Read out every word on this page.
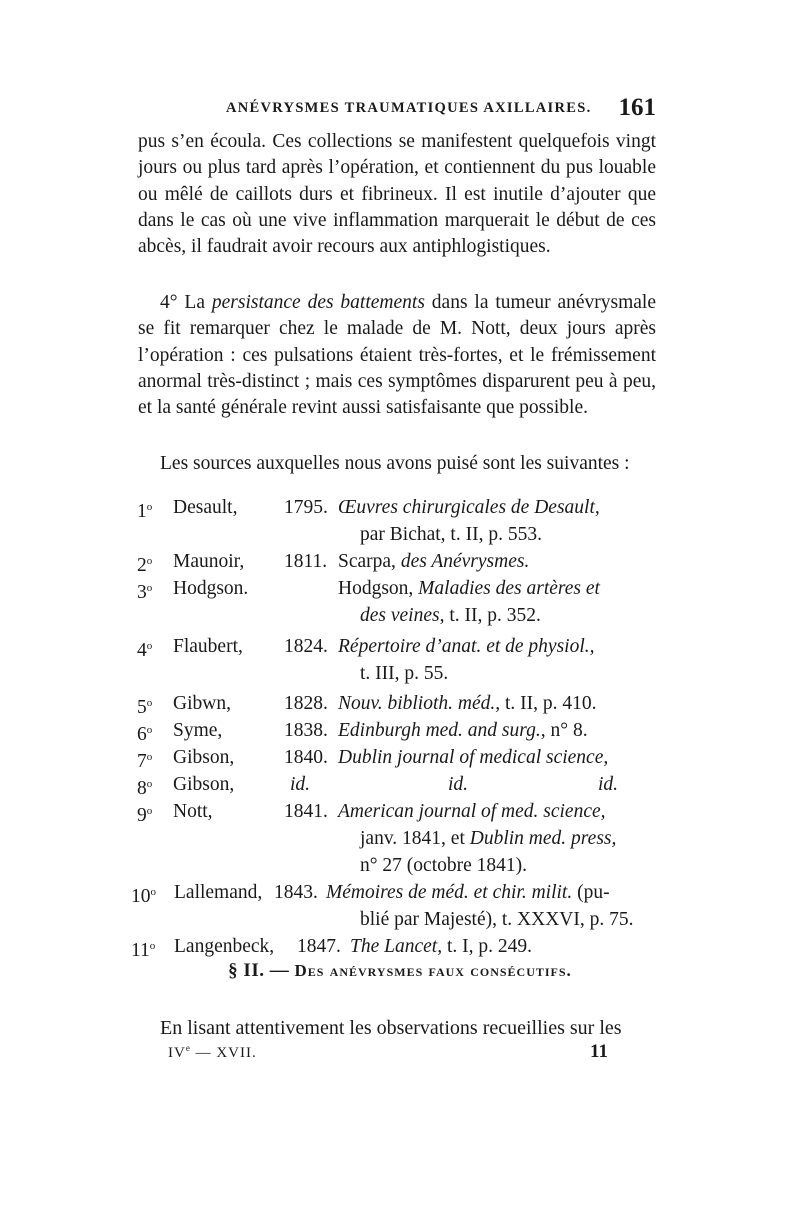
ANÉVRYSMES TRAUMATIQUES AXILLAIRES. 161
pus s’en écoula. Ces collections se manifestent quelquefois vingt jours ou plus tard après l’opération, et contiennent du pus louable ou mêlé de caillots durs et fibrineux. Il est inutile d’ajouter que dans le cas où une vive inflammation marquerait le début de ces abcès, il faudrait avoir recours aux antiphlogistiques.
4° La persistance des battements dans la tumeur anévrysmale se fit remarquer chez le malade de M. Nott, deux jours après l’opération : ces pulsations étaient très-fortes, et le frémissement anormal très-distinct ; mais ces symptômes disparurent peu à peu, et la santé générale revint aussi satisfaisante que possible.
Les sources auxquelles nous avons puisé sont les suivantes :
1$^o$	Desault, 1795. Œuvres chirurgicales de Desault,
par Bichat, t. II, p. 553.
2$^o$	Maunoir, 1811. Scarpa, des Anévrysmes.
3$^o$	Hodgson.	Hodgson, Maladies des artères et
des veines, t. II, p. 352.
4$^o$	Flaubert, 1824. Répertoire d’anat. et de physiol.,
t. III, p. 55.
5$^o$	Gibwn,	1828. Nouv. biblioth. méd., t. II, p. 410.
6$^o$	Syme,	1838. Edinburgh med. and surg., n° 8.
7$^o$	Gibson,	1840. Dublin journal of medical science,
8$^o$	Gibson,	id.	id.	id.
9$^o$	Nott,	1841. American journal of med. science,
janv. 1841, et Dublin med. press,
n° 27 (octobre 1841).
10$^o$ Lallemand, 1843. Mémoires de méd. et chir. milit. (pu-
blié par Majesté), t. XXXVI, p. 75.
11$^o$ Langenbeck, 1847. The Lancet, t. I, p. 249.
§ II. — Des anévrysmes faux consécutifs.
En lisant attentivement les observations recueillies sur les
IVe — XVII.	11
